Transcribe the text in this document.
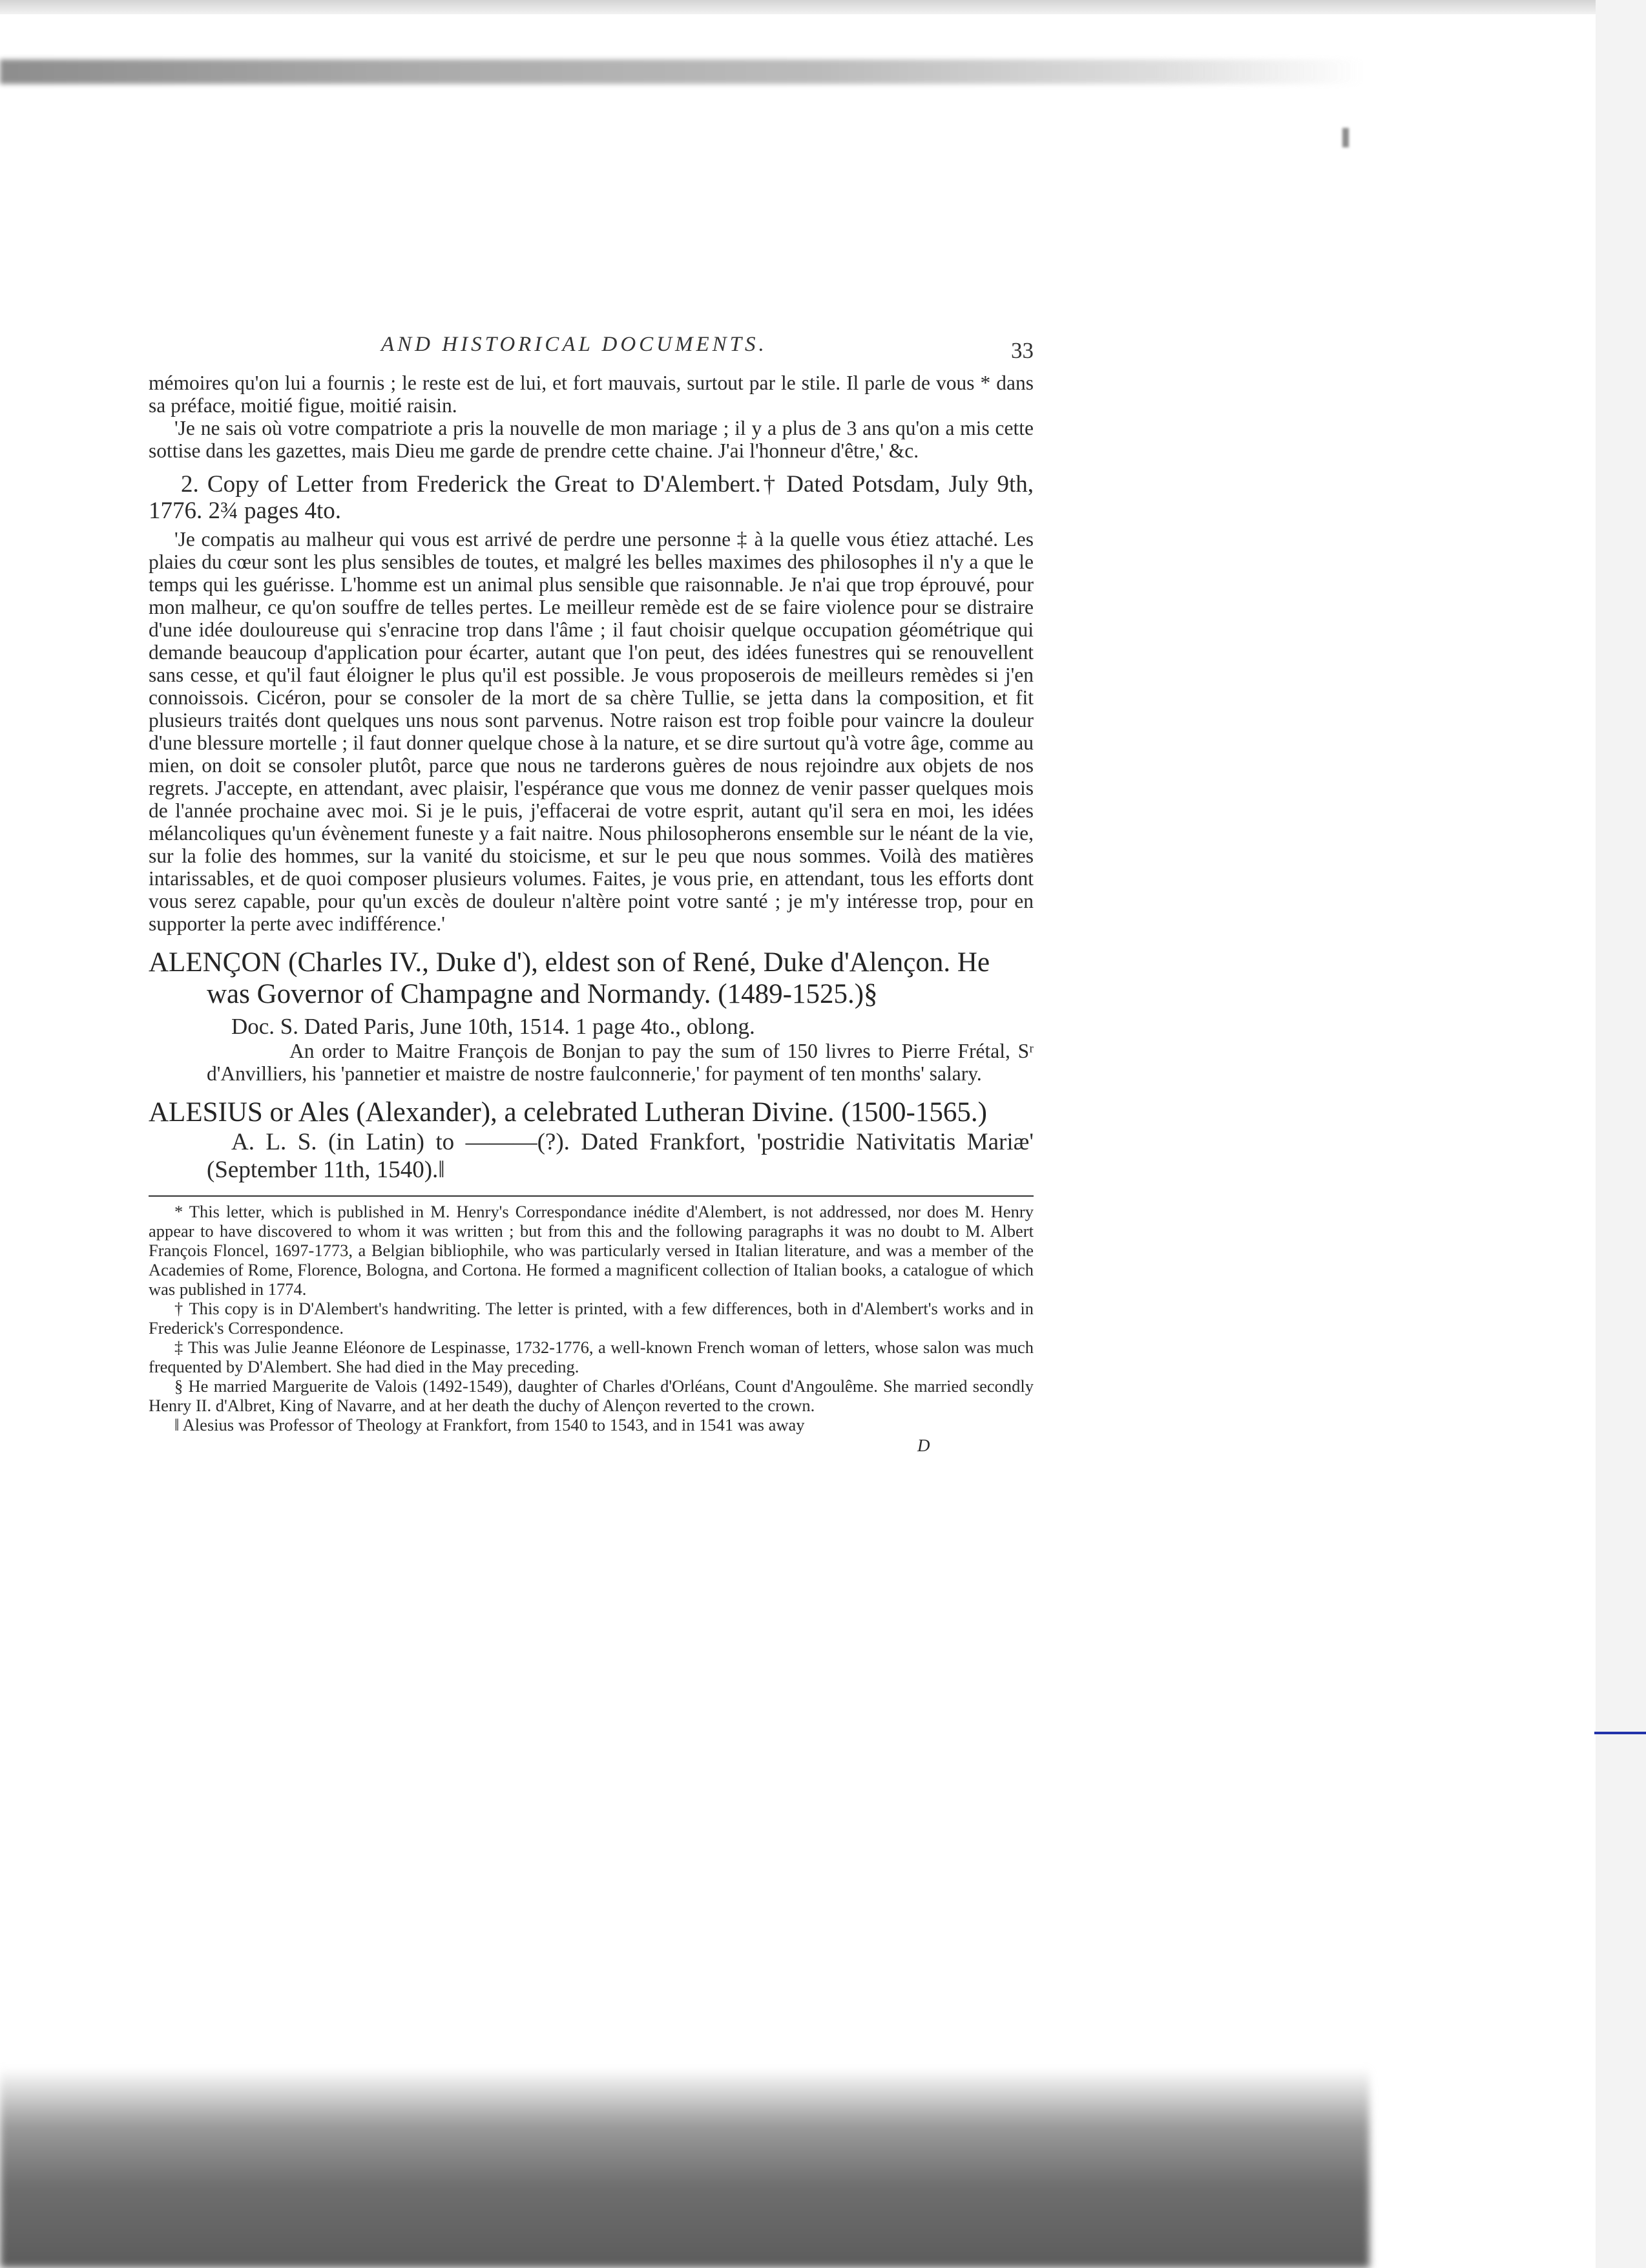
AND HISTORICAL DOCUMENTS.	33

mémoires qu'on lui a fournis ; le reste est de lui, et fort mauvais, surtout par le stile. Il parle de vous * dans sa préface, moitié figue, moitié raisin.

'Je ne sais où votre compatriote a pris la nouvelle de mon mariage ; il y a plus de 3 ans qu'on a mis cette sottise dans les gazettes, mais Dieu me garde de prendre cette chaine. J'ai l'honneur d'être,' &c.

2. Copy of Letter from Frederick the Great to D'Alembert.† Dated Potsdam, July 9th, 1776. 2¾ pages 4to.

'Je compatis au malheur qui vous est arrivé de perdre une personne ‡ à la quelle vous étiez attaché. Les plaies du cœur sont les plus sensibles de toutes, et malgré les belles maximes des philosophes il n'y a que le temps qui les guérisse. L'homme est un animal plus sensible que raisonnable. Je n'ai que trop éprouvé, pour mon malheur, ce qu'on souffre de telles pertes. Le meilleur remède est de se faire violence pour se distraire d'une idée douloureuse qui s'enracine trop dans l'âme ; il faut choisir quelque occupation géométrique qui demande beaucoup d'application pour écarter, autant que l'on peut, des idées funestres qui se renouvellent sans cesse, et qu'il faut éloigner le plus qu'il est possible. Je vous proposerois de meilleurs remèdes si j'en connoissois. Cicéron, pour se consoler de la mort de sa chère Tullie, se jetta dans la composition, et fit plusieurs traités dont quelques uns nous sont parvenus. Notre raison est trop foible pour vaincre la douleur d'une blessure mortelle ; il faut donner quelque chose à la nature, et se dire surtout qu'à votre âge, comme au mien, on doit se consoler plutôt, parce que nous ne tarderons guères de nous rejoindre aux objets de nos regrets. J'accepte, en attendant, avec plaisir, l'espérance que vous me donnez de venir passer quelques mois de l'année prochaine avec moi. Si je le puis, j'effacerai de votre esprit, autant qu'il sera en moi, les idées mélancoliques qu'un évènement funeste y a fait naitre. Nous philosopherons ensemble sur le néant de la vie, sur la folie des hommes, sur la vanité du stoicisme, et sur le peu que nous sommes. Voilà des matières intarissables, et de quoi composer plusieurs volumes. Faites, je vous prie, en attendant, tous les efforts dont vous serez capable, pour qu'un excès de douleur n'altère point votre santé ; je m'y intéresse trop, pour en supporter la perte avec indifférence.'

ALENÇON (Charles IV., Duke d'), eldest son of René, Duke d'Alençon. He was Governor of Champagne and Normandy. (1489-1525.)§

Doc. S. Dated Paris, June 10th, 1514. 1 page 4to., oblong.

An order to Maitre François de Bonjan to pay the sum of 150 livres to Pierre Frétal, Sʳ d'Anvilliers, his 'pannetier et maistre de nostre faulconnerie,' for payment of ten months' salary.

ALESIUS or Ales (Alexander), a celebrated Lutheran Divine. (1500-1565.)

A. L. S. (in Latin) to ———(?). Dated Frankfort, 'postridie Nativitatis Mariæ' (September 11th, 1540).‖

* This letter, which is published in M. Henry's Correspondance inédite d'Alembert, is not addressed, nor does M. Henry appear to have discovered to whom it was written ; but from this and the following paragraphs it was no doubt to M. Albert François Floncel, 1697-1773, a Belgian bibliophile, who was particularly versed in Italian literature, and was a member of the Academies of Rome, Florence, Bologna, and Cortona. He formed a magnificent collection of Italian books, a catalogue of which was published in 1774.

† This copy is in D'Alembert's handwriting. The letter is printed, with a few differences, both in d'Alembert's works and in Frederick's Correspondence.

‡ This was Julie Jeanne Eléonore de Lespinasse, 1732-1776, a well-known French woman of letters, whose salon was much frequented by D'Alembert. She had died in the May preceding.

§ He married Marguerite de Valois (1492-1549), daughter of Charles d'Orléans, Count d'Angoulême. She married secondly Henry II. d'Albret, King of Navarre, and at her death the duchy of Alençon reverted to the crown.

‖ Alesius was Professor of Theology at Frankfort, from 1540 to 1543, and in 1541 was away

D
